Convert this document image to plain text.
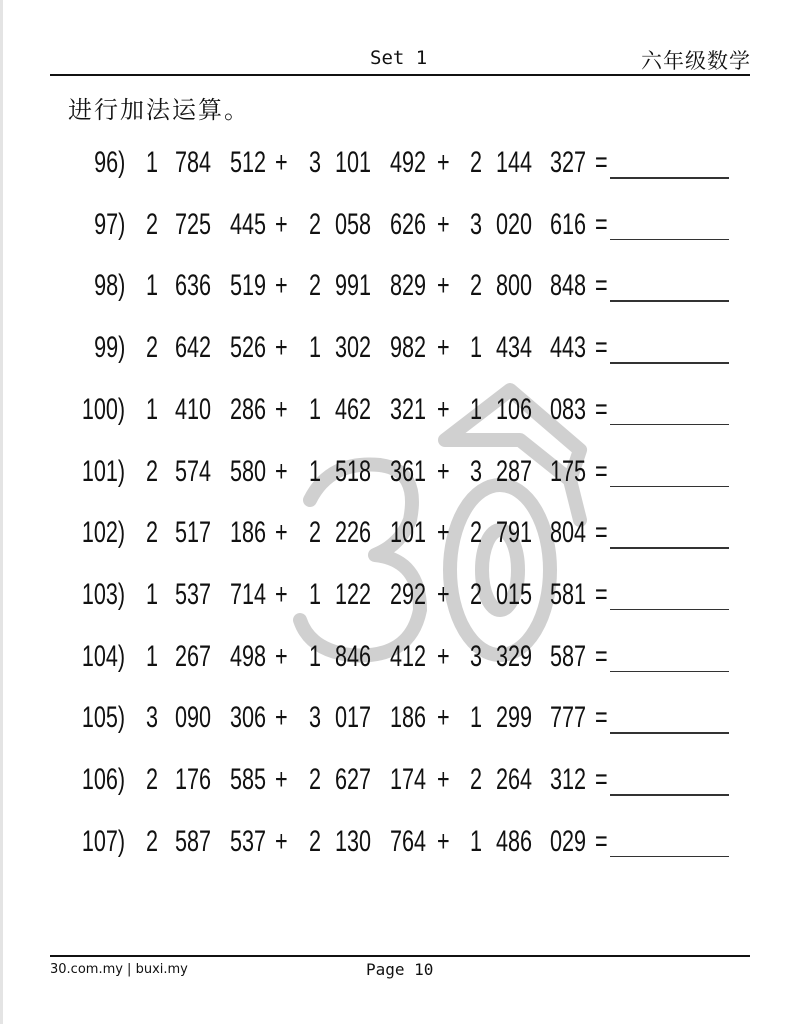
Set 1	六年级数学
进行加法运算。
96) 1 784 512 + 3 101 492 + 2 144 327 =
97) 2 725 445 + 2 058 626 + 3 020 616 =
98) 1 636 519 + 2 991 829 + 2 800 848 =
99) 2 642 526 + 1 302 982 + 1 434 443 =
100) 1 410 286 + 1 462 321 + 1 106 083 =
101) 2 574 580 + 1 518 361 + 3 287 175 =
102) 2 517 186 + 2 226 101 + 2 791 804 =
103) 1 537 714 + 1 122 292 + 2 015 581 =
104) 1 267 498 + 1 846 412 + 3 329 587 =
105) 3 090 306 + 3 017 186 + 1 299 777 =
106) 2 176 585 + 2 627 174 + 2 264 312 =
107) 2 587 537 + 2 130 764 + 1 486 029 =
30.com.my | buxi.my	Page 10
